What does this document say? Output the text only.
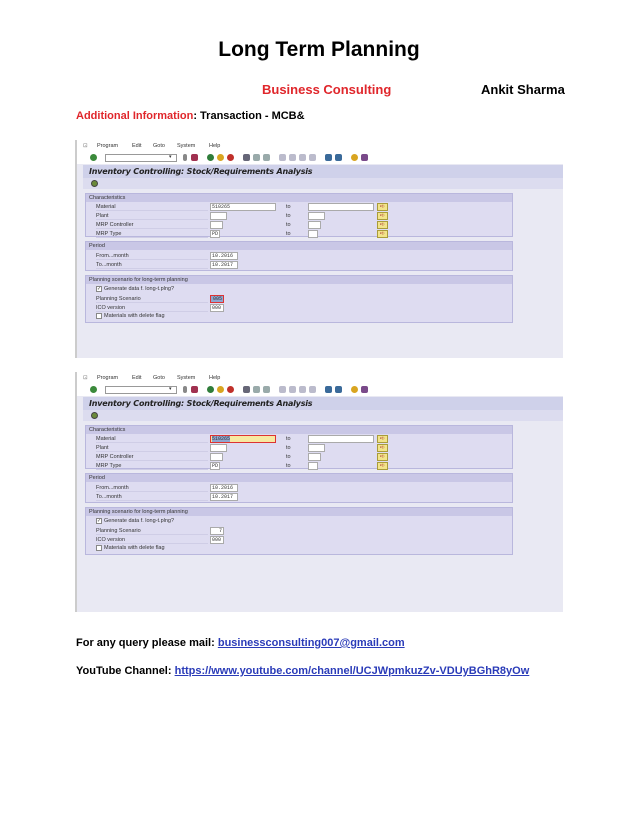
Long Term Planning
Business Consulting	Ankit Sharma
Additional Information: Transaction - MCB&
⊡ Program	Edit Goto System Help
▾
Inventory Controlling: Stock/Requirements Analysis
Characteristics
Material	510265	to	➪
Plant	to	➪
MRP Controller	to	➪
MRP Type	PD	to	➪
Period
From...month	10.2016
To...month	10.2017
Planning scenario for long-term planning
✓ Generate data f. long-t.plng?
Planning Scenario	005
ICO version	000
Materials with delete flag
⊡ Program	Edit Goto System Help
▾
Inventory Controlling: Stock/Requirements Analysis
Characteristics
Material	510265	to	➪
Plant	to	➪
MRP Controller	to	➪
MRP Type	PD	to	➪
Period
From...month	10.2016
To...month	10.2017
Planning scenario for long-term planning
✓ Generate data f. long-t.plng?
Planning Scenario	7
ICO version	000
Materials with delete flag
For any query please mail: businessconsulting007@gmail.com
YouTube Channel: https://www.youtube.com/channel/UCJWpmkuzZv-VDUyBGhR8yOw
